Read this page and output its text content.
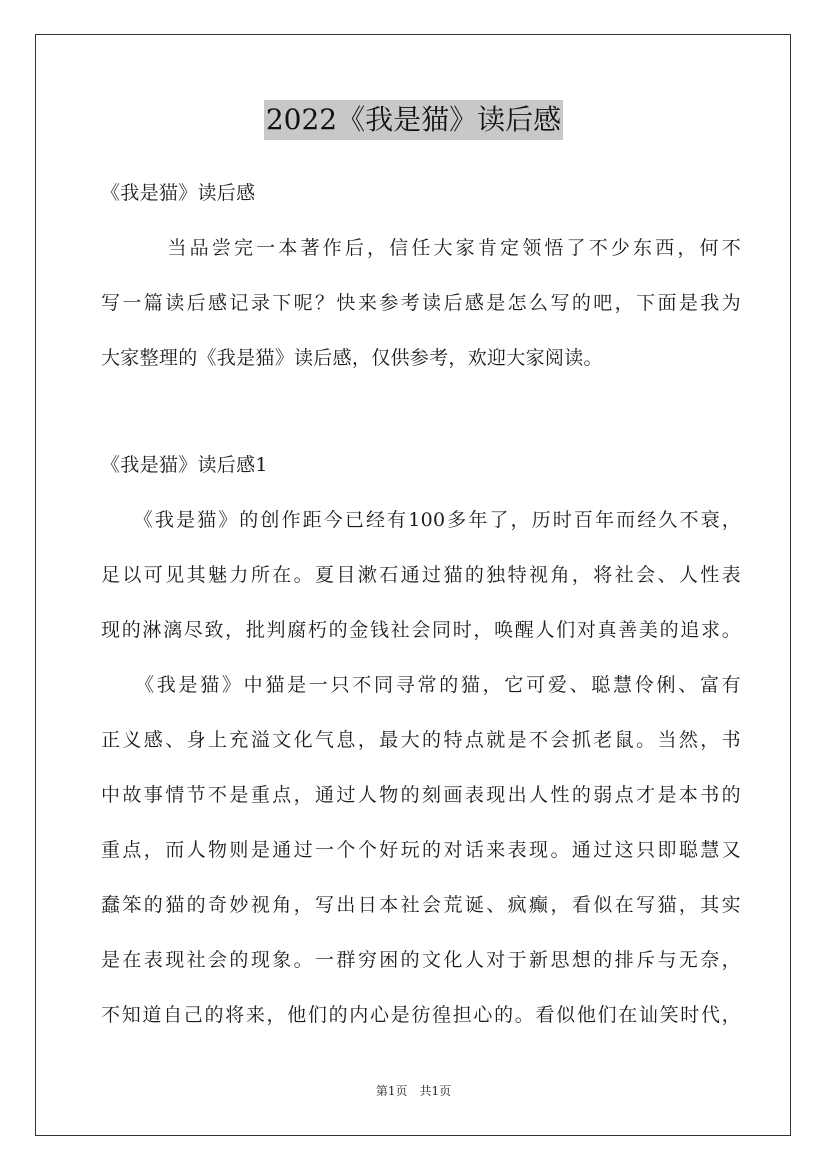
2022《我是猫》读后感
《我是猫》读后感
　　　当品尝完一本著作后，信任大家肯定领悟了不少东西，何不
写一篇读后感记录下呢？快来参考读后感是怎么写的吧，下面是我为
大家整理的《我是猫》读后感，仅供参考，欢迎大家阅读。
《我是猫》读后感1
　　《我是猫》的创作距今已经有100多年了，历时百年而经久不衰，
足以可见其魅力所在。夏目漱石通过猫的独特视角，将社会、人性表
现的淋漓尽致，批判腐朽的金钱社会同时，唤醒人们对真善美的追求。
　　《我是猫》中猫是一只不同寻常的猫，它可爱、聪慧伶俐、富有
正义感、身上充溢文化气息，最大的特点就是不会抓老鼠。当然，书
中故事情节不是重点，通过人物的刻画表现出人性的弱点才是本书的
重点，而人物则是通过一个个好玩的对话来表现。通过这只即聪慧又
蠢笨的猫的奇妙视角，写出日本社会荒诞、疯癫，看似在写猫，其实
是在表现社会的现象。一群穷困的文化人对于新思想的排斥与无奈，
不知道自己的将来，他们的内心是彷徨担心的。看似他们在讪笑时代，
第1页　共1页
